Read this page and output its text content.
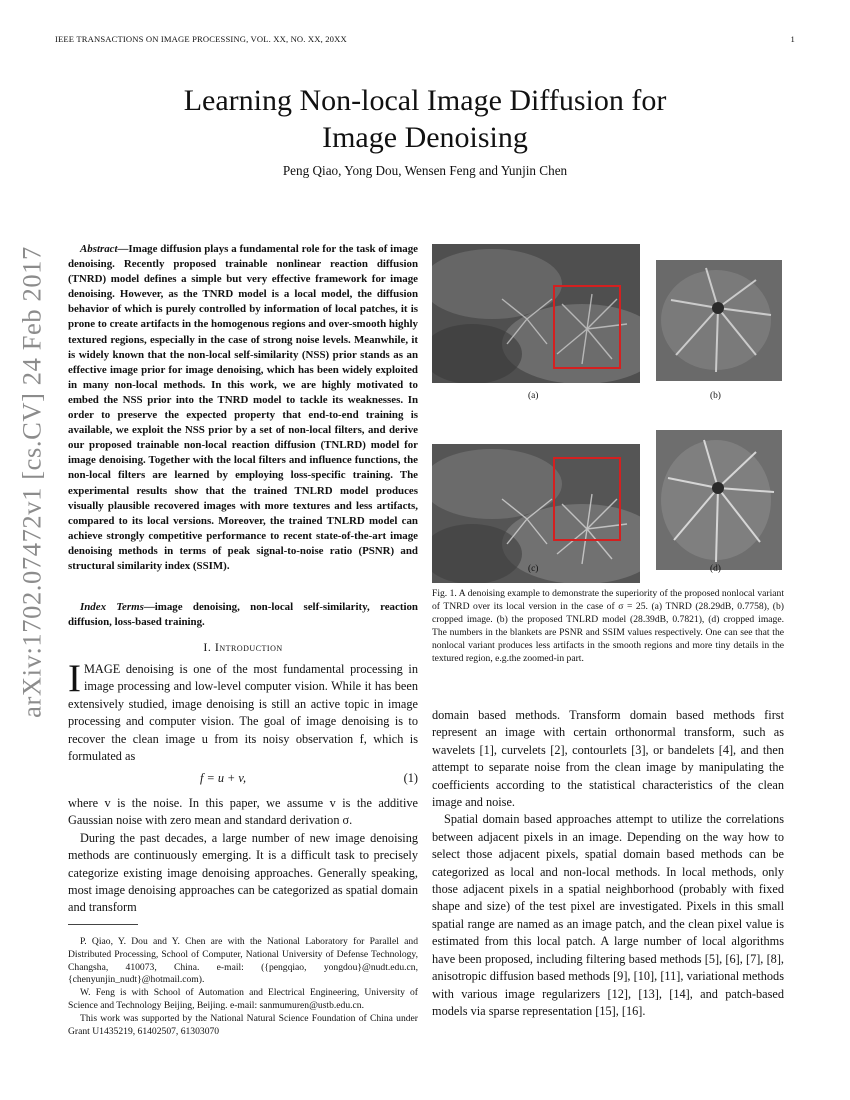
IEEE TRANSACTIONS ON IMAGE PROCESSING, VOL. XX, NO. XX, 20XX	1
arXiv:1702.07472v1 [cs.CV] 24 Feb 2017
Learning Non-local Image Diffusion for
Image Denoising
Peng Qiao, Yong Dou, Wensen Feng and Yunjin Chen
Abstract—Image diffusion plays a fundamental role for the task of image denoising. Recently proposed trainable nonlinear reaction diffusion (TNRD) model defines a simple but very effective framework for image denoising. However, as the TNRD model is a local model, the diffusion behavior of which is purely controlled by information of local patches, it is prone to create artifacts in the homogenous regions and over-smooth highly textured regions, especially in the case of strong noise levels. Meanwhile, it is widely known that the non-local self-similarity (NSS) prior stands as an effective image prior for image denoising, which has been widely exploited in many non-local methods. In this work, we are highly motivated to embed the NSS prior into the TNRD model to tackle its weaknesses. In order to preserve the expected property that end-to-end training is available, we exploit the NSS prior by a set of non-local filters, and derive our proposed trainable non-local reaction diffusion (TNLRD) model for image denoising. Together with the local filters and influence functions, the non-local filters are learned by employing loss-specific training. The experimental results show that the trained TNLRD model produces visually plausible recovered images with more textures and less artifacts, compared to its local versions. Moreover, the trained TNLRD model can achieve strongly competitive performance to recent state-of-the-art image denoising methods in terms of peak signal-to-noise ratio (PSNR) and structural similarity index (SSIM).
Index Terms—image denoising, non-local self-similarity, reaction diffusion, loss-based training.
I. Introduction
IMAGE denoising is one of the most fundamental processing in image processing and low-level computer vision. While it has been extensively studied, image denoising is still an active topic in image processing and computer vision. The goal of image denoising is to recover the clean image u from its noisy observation f, which is formulated as
f = u + v,	(1)

where v is the noise. In this paper, we assume v is the additive Gaussian noise with zero mean and standard derivation σ.

During the past decades, a large number of new image denoising methods are continuously emerging. It is a difficult task to precisely categorize existing image denoising approaches. Generally speaking, most image denoising approaches can be categorized as spatial domain and transform

P. Qiao, Y. Dou and Y. Chen are with the National Laboratory for Parallel and Distributed Processing, School of Computer, National University of Defense Technology, Changsha, 410073, China. e-mail: ({pengqiao, yongdou}@nudt.edu.cn, {chenyunjin_nudt}@hotmail.com).

W. Feng is with School of Automation and Electrical Engineering, University of Science and Technology Beijing, Beijing. e-mail: sanmumuren@ustb.edu.cn.

This work was supported by the National Natural Science Foundation of China under Grant U1435219, 61402507, 61303070

(a)	(b)
(c)	(d)
Fig. 1. A denoising example to demonstrate the superiority of the proposed nonlocal variant of TNRD over its local version in the case of σ = 25. (a) TNRD (28.29dB, 0.7758), (b) cropped image. (b) the proposed TNLRD model (28.39dB, 0.7821), (d) cropped image. The numbers in the blankets are PSNR and SSIM values respectively. One can see that the nonlocal variant produces less artifacts in the smooth regions and more tiny details in the textured region, e.g.the zoomed-in part.

domain based methods. Transform domain based methods first represent an image with certain orthonormal transform, such as wavelets [1], curvelets [2], contourlets [3], or bandelets [4], and then attempt to separate noise from the clean image by manipulating the coefficients according to the statistical characteristics of the clean image and noise.

Spatial domain based approaches attempt to utilize the correlations between adjacent pixels in an image. Depending on the way how to select those adjacent pixels, spatial domain based methods can be categorized as local and non-local methods. In local methods, only those adjacent pixels in a spatial neighborhood (probably with fixed shape and size) of the test pixel are investigated. Pixels in this small spatial range are named as an image patch, and the clean pixel value is estimated from this local patch. A large number of local algorithms have been proposed, including filtering based methods [5], [6], [7], [8], anisotropic diffusion based methods [9], [10], [11], variational methods with various image regularizers [12], [13], [14], and patch-based models via sparse representation [15], [16].
